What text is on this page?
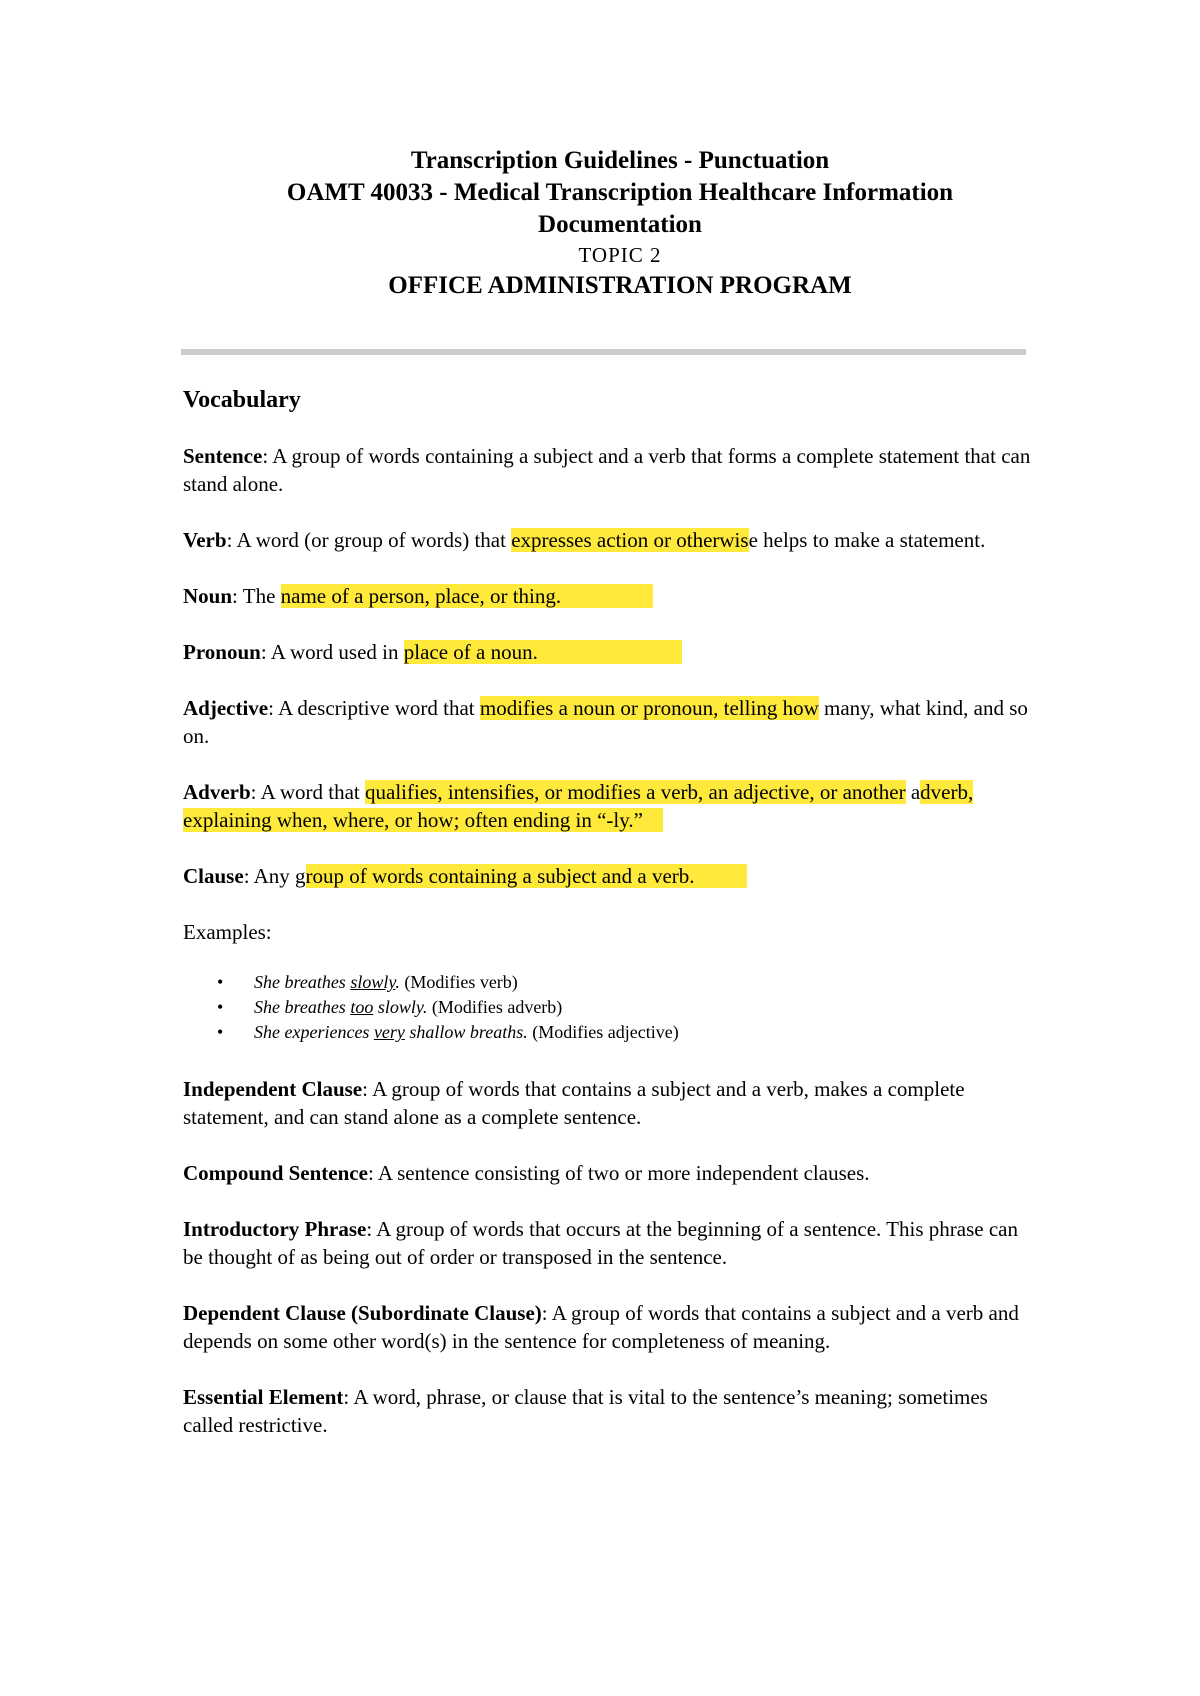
Transcription Guidelines - Punctuation
OAMT 40033 - Medical Transcription Healthcare Information
Documentation
TOPIC 2
OFFICE ADMINISTRATION PROGRAM
Vocabulary

Sentence: A group of words containing a subject and a verb that forms a complete statement that can stand alone.

Verb: A word (or group of words) that expresses action or otherwise helps to make a statement.

Noun: The name of a person, place, or thing.

Pronoun: A word used in place of a noun.

Adjective: A descriptive word that modifies a noun or pronoun, telling how many, what kind, and so on.

Adverb: A word that qualifies, intensifies, or modifies a verb, an adjective, or another adverb, explaining when, where, or how; often ending in “-ly.”

Clause: Any group of words containing a subject and a verb.

Examples:

• She breathes slowly. (Modifies verb)
• She breathes too slowly. (Modifies adverb)
• She experiences very shallow breaths. (Modifies adjective)

Independent Clause: A group of words that contains a subject and a verb, makes a complete statement, and can stand alone as a complete sentence.

Compound Sentence: A sentence consisting of two or more independent clauses.

Introductory Phrase: A group of words that occurs at the beginning of a sentence. This phrase can be thought of as being out of order or transposed in the sentence.

Dependent Clause (Subordinate Clause): A group of words that contains a subject and a verb and depends on some other word(s) in the sentence for completeness of meaning.

Essential Element: A word, phrase, or clause that is vital to the sentence’s meaning; sometimes called restrictive.
